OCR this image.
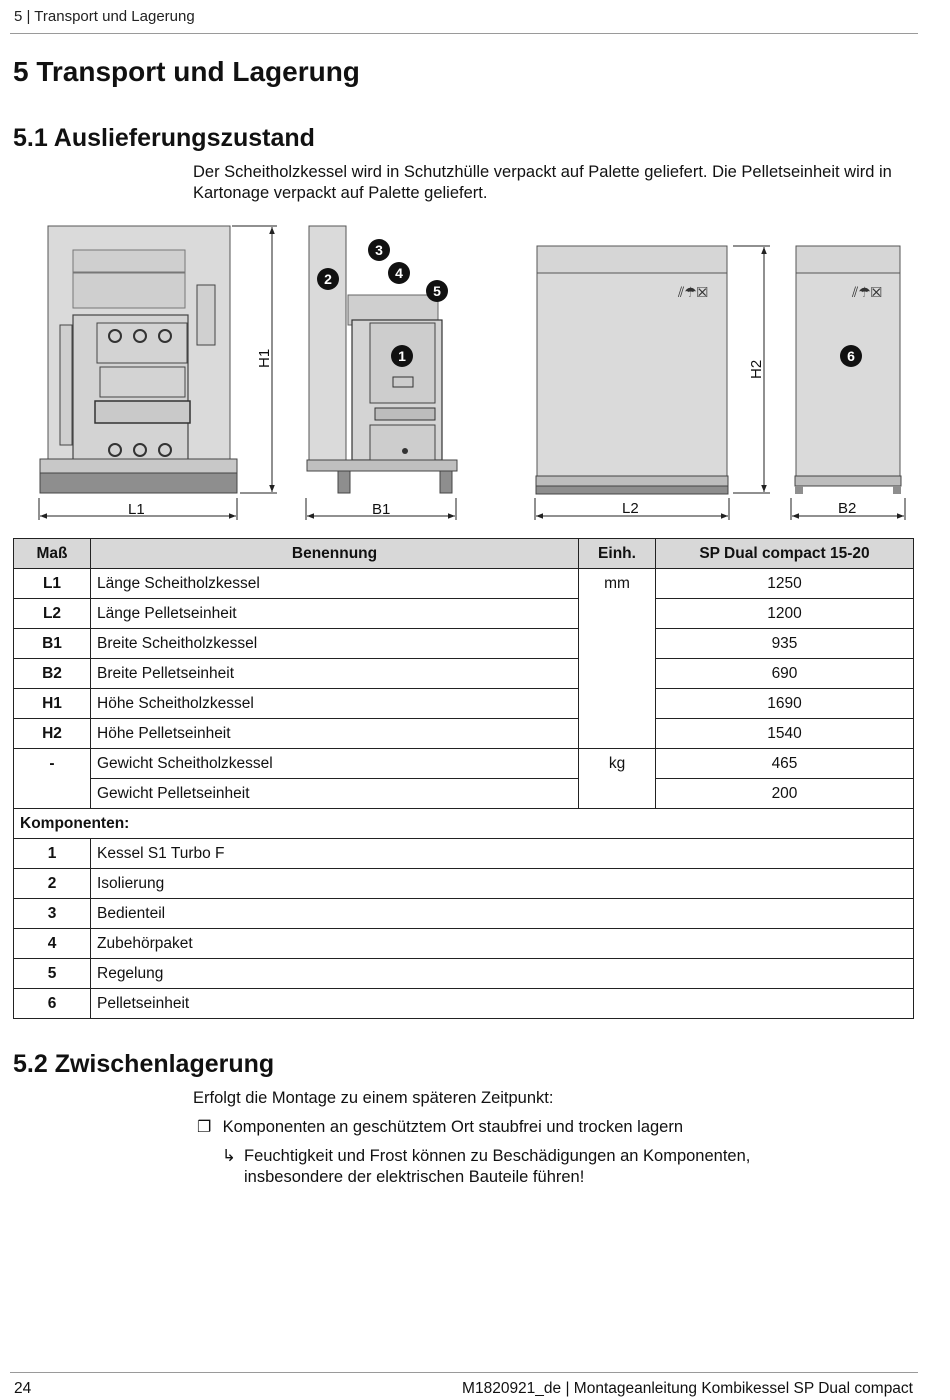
5 | Transport und Lagerung
5 Transport und Lagerung
5.1 Auslieferungszustand
Der Scheitholzkessel wird in Schutzhülle verpackt auf Palette geliefert. Die Pelletseinheit wird in Kartonage verpackt auf Palette geliefert.
⫽☂☒	⫽☂☒
L1	B1	L2	B2
H1
H2
1
2
3
4
5
6
Maß	Benennung	Einh.	SP Dual compact 15-20
L1	Länge Scheitholzkessel	mm	1250
L2	Länge Pelletseinheit		1200
B1	Breite Scheitholzkessel		935
B2	Breite Pelletseinheit		690
H1	Höhe Scheitholzkessel		1690
H2	Höhe Pelletseinheit		1540
-	Gewicht Scheitholzkessel	kg	465
	Gewicht Pelletseinheit		200
Komponenten:			
1	Kessel S1 Turbo F		
2	Isolierung		
3	Bedienteil		
4	Zubehörpaket		
5	Regelung		
6	Pelletseinheit		
5.2 Zwischenlagerung
Erfolgt die Montage zu einem späteren Zeitpunkt:
❐ Komponenten an geschütztem Ort staubfrei und trocken lagern
↳ Feuchtigkeit und Frost können zu Beschädigungen an Komponenten,
insbesondere der elektrischen Bauteile führen!
24	M1820921_de | Montageanleitung Kombikessel SP Dual compact
